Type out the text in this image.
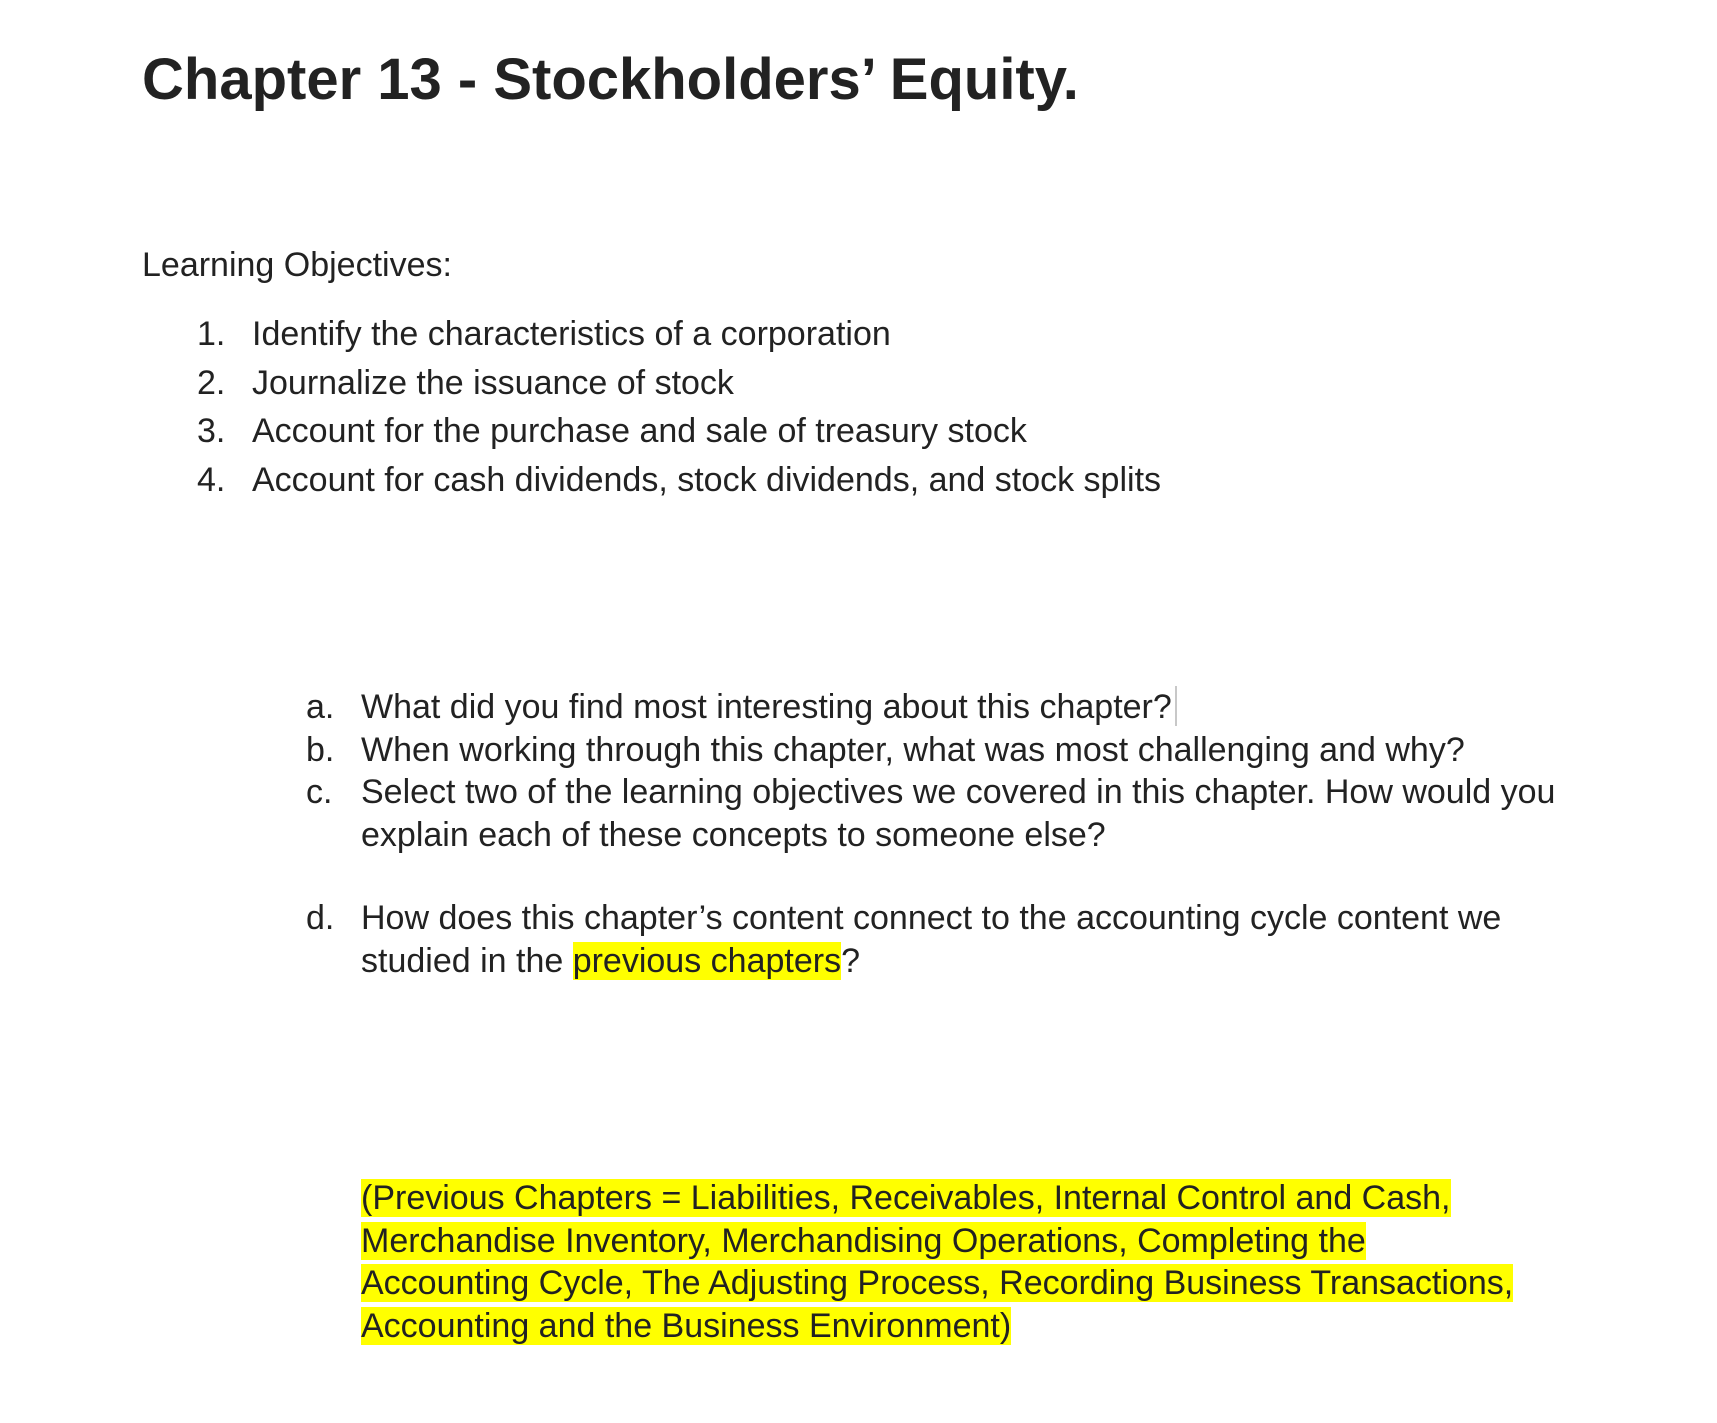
Chapter 13 - Stockholders’ Equity.
Learning Objectives:
1. Identify the characteristics of a corporation
2. Journalize the issuance of stock
3. Account for the purchase and sale of treasury stock
4. Account for cash dividends, stock dividends, and stock splits
a. What did you find most interesting about this chapter?
b. When working through this chapter, what was most challenging and why?
c. Select two of the learning objectives we covered in this chapter. How would you explain each of these concepts to someone else?
d. How does this chapter’s content connect to the accounting cycle content we studied in the previous chapters?

(Previous Chapters = Liabilities, Receivables, Internal Control and Cash, Merchandise Inventory, Merchandising Operations, Completing the Accounting Cycle, The Adjusting Process, Recording Business Transactions, Accounting and the Business Environment)
